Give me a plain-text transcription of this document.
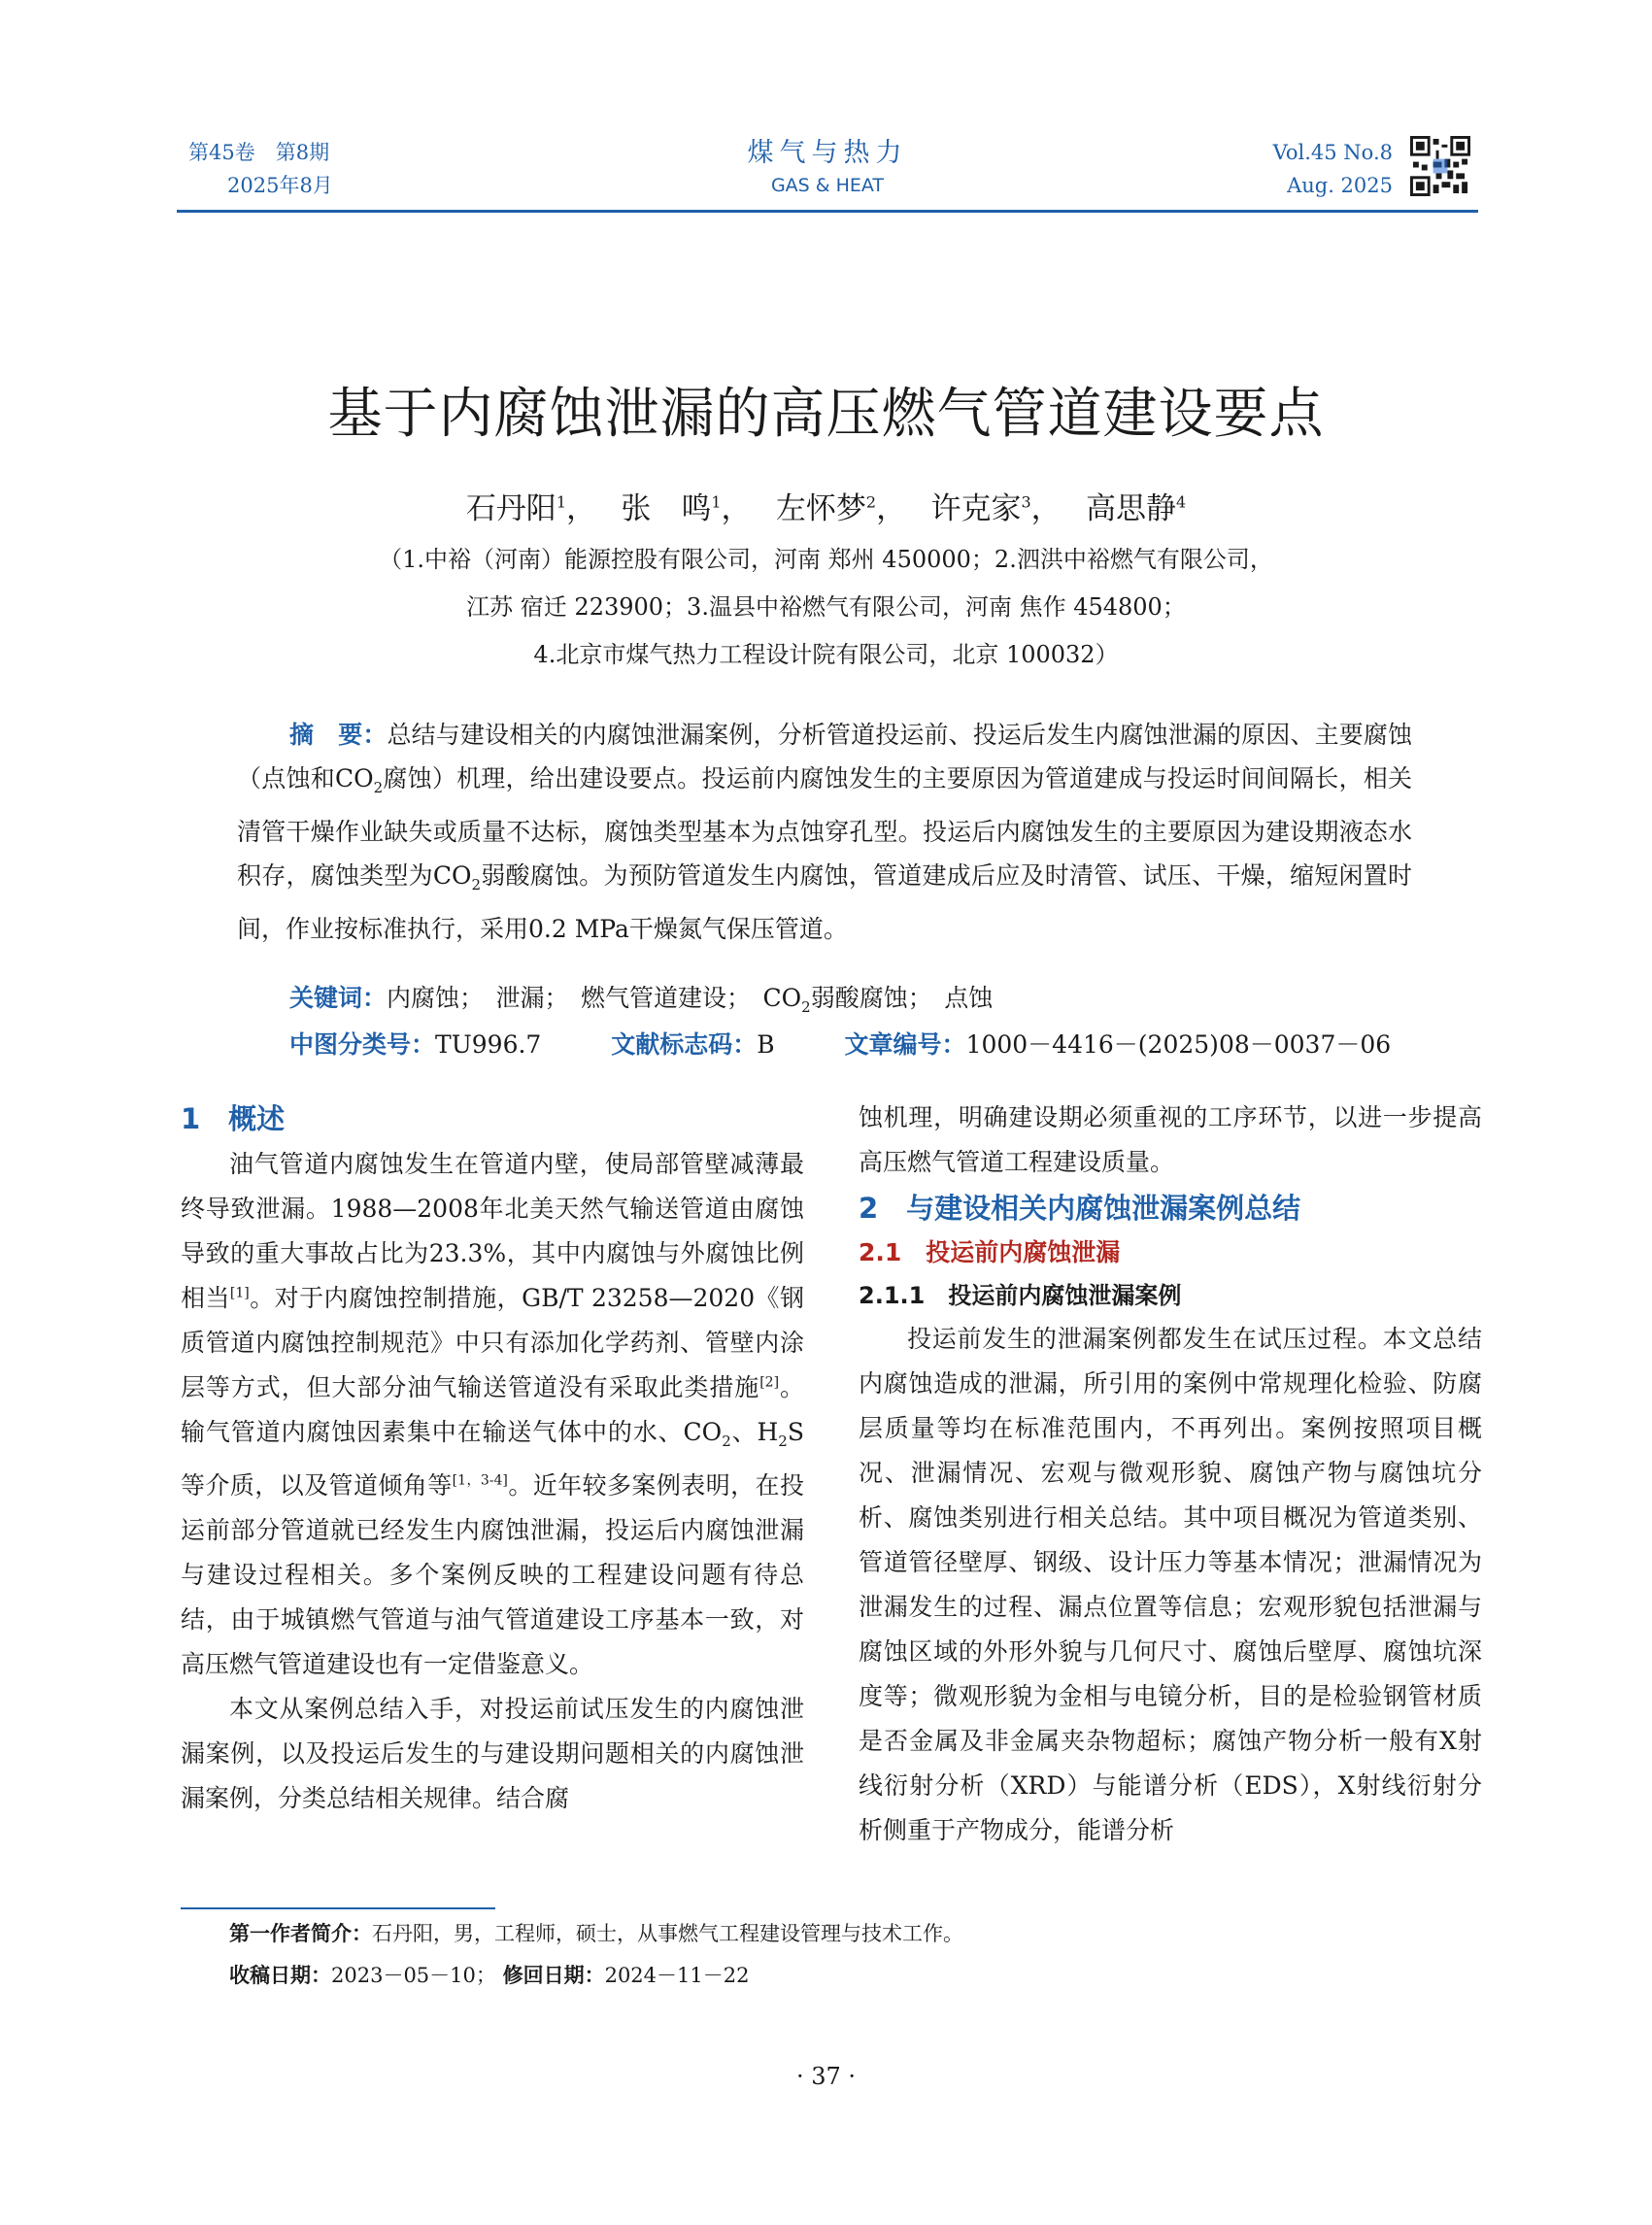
第45卷　第8期
2025年8月
煤气与热力
GAS & HEAT
Vol.45 No.8
Aug. 2025
基于内腐蚀泄漏的高压燃气管道建设要点
石丹阳$^1$，　 张　鸣$^1$，　 左怀梦$^2$，　 许克家$^3$，　 高思静$^4$
（1.中裕（河南）能源控股有限公司，河南 郑州 450000；2.泗洪中裕燃气有限公司，
江苏 宿迁 223900；3.温县中裕燃气有限公司，河南 焦作 454800；
4.北京市煤气热力工程设计院有限公司，北京 100032）
摘　要：总结与建设相关的内腐蚀泄漏案例，分析管道投运前、投运后发生内腐蚀泄漏的原因、主要腐蚀（点蚀和$CO_2$腐蚀）机理，给出建设要点。投运前内腐蚀发生的主要原因为管道建成与投运时间间隔长，相关清管干燥作业缺失或质量不达标，腐蚀类型基本为点蚀穿孔型。投运后内腐蚀发生的主要原因为建设期液态水积存，腐蚀类型为$CO_2$弱酸腐蚀。为预防管道发生内腐蚀，管道建成后应及时清管、试压、干燥，缩短闲置时间，作业按标准执行，采用0.2 MPa干燥氮气保压管道。
关键词：内腐蚀；　泄漏；　燃气管道建设；　$CO_2$弱酸腐蚀；　点蚀
中图分类号：TU996.7	文献标志码：B	文章编号：1000－4416－(2025)08－0037－06
1　概述

油气管道内腐蚀发生在管道内壁，使局部管壁减薄最终导致泄漏。1988—2008年北美天然气输送管道由腐蚀导致的重大事故占比为23.3%，其中内腐蚀与外腐蚀比例相当[1]。对于内腐蚀控制措施，GB/T 23258—2020《钢质管道内腐蚀控制规范》中只有添加化学药剂、管壁内涂层等方式，但大部分油气输送管道没有采取此类措施[2]。输气管道内腐蚀因素集中在输送气体中的水、$CO_2$、$H_2S$等介质，以及管道倾角等[1，3-4]。近年较多案例表明，在投运前部分管道就已经发生内腐蚀泄漏，投运后内腐蚀泄漏与建设过程相关。多个案例反映的工程建设问题有待总结，由于城镇燃气管道与油气管道建设工序基本一致，对高压燃气管道建设也有一定借鉴意义。

本文从案例总结入手，对投运前试压发生的内腐蚀泄漏案例，以及投运后发生的与建设期问题相关的内腐蚀泄漏案例，分类总结相关规律。结合腐

蚀机理，明确建设期必须重视的工序环节，以进一步提高高压燃气管道工程建设质量。

2　与建设相关内腐蚀泄漏案例总结
2.1　投运前内腐蚀泄漏
2.1.1　投运前内腐蚀泄漏案例

投运前发生的泄漏案例都发生在试压过程。本文总结内腐蚀造成的泄漏，所引用的案例中常规理化检验、防腐层质量等均在标准范围内，不再列出。案例按照项目概况、泄漏情况、宏观与微观形貌、腐蚀产物与腐蚀坑分析、腐蚀类别进行相关总结。其中项目概况为管道类别、管道管径壁厚、钢级、设计压力等基本情况；泄漏情况为泄漏发生的过程、漏点位置等信息；宏观形貌包括泄漏与腐蚀区域的外形外貌与几何尺寸、腐蚀后壁厚、腐蚀坑深度等；微观形貌为金相与电镜分析，目的是检验钢管材质是否金属及非金属夹杂物超标；腐蚀产物分析一般有X射线衍射分析（XRD）与能谱分析（EDS），X射线衍射分析侧重于产物成分，能谱分析

第一作者简介：石丹阳，男，工程师，硕士，从事燃气工程建设管理与技术工作。
收稿日期：2023－05－10； 修回日期：2024－11－22
· 37 ·
